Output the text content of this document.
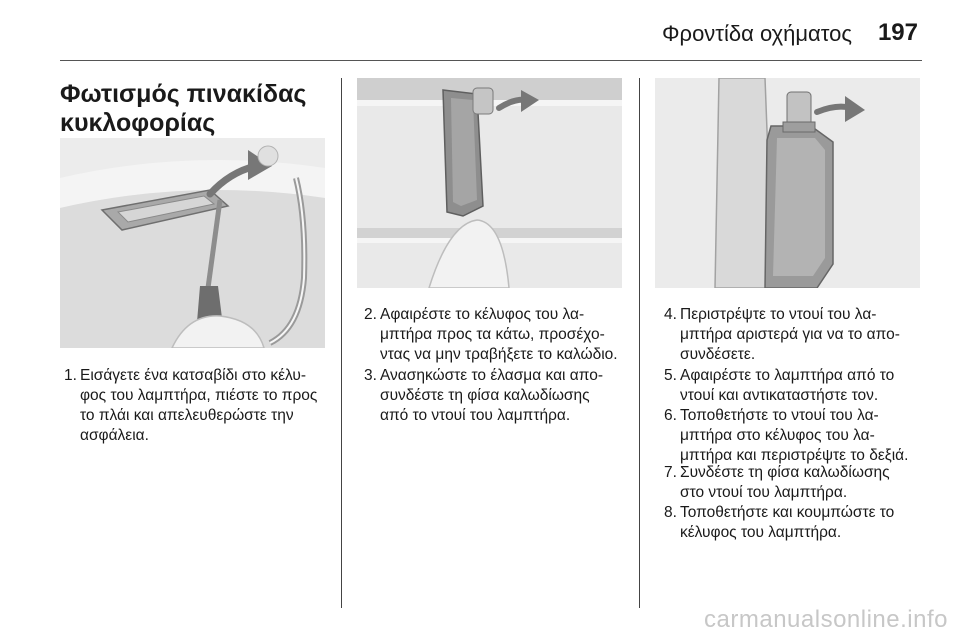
Φροντίδα οχήματος 197
Φωτισμός πινακίδας
κυκλοφορίας
1. Εισάγετε ένα κατσαβίδι στο κέλυ-
φος του λαμπτήρα, πιέστε το προς
το πλάι και απελευθερώστε την
ασφάλεια.
2. Αφαιρέστε το κέλυφος του λα-
μπτήρα προς τα κάτω, προσέχο-
ντας να μην τραβήξετε το καλώδιο.
3. Ανασηκώστε το έλασμα και απο-
συνδέστε τη φίσα καλωδίωσης
από το ντουί του λαμπτήρα.
4. Περιστρέψτε το ντουί του λα-
μπτήρα αριστερά για να το απο-
συνδέσετε.
5. Αφαιρέστε το λαμπτήρα από το
ντουί και αντικαταστήστε τον.
6. Τοποθετήστε το ντουί του λα-
μπτήρα στο κέλυφος του λα-
μπτήρα και περιστρέψτε το δεξιά.
7. Συνδέστε τη φίσα καλωδίωσης
στο ντουί του λαμπτήρα.
8. Τοποθετήστε και κουμπώστε το
κέλυφος του λαμπτήρα.
carmanualsonline.info
